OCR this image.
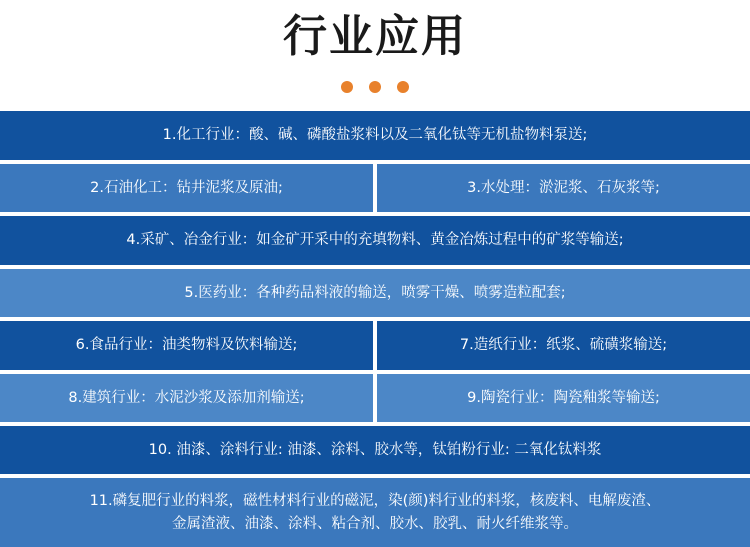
行业应用
1.化工行业：酸、碱、磷酸盐浆料以及二氧化钛等无机盐物料泵送;
2.石油化工：钻井泥浆及原油;	3.水处理：淤泥浆、石灰浆等;
4.采矿、冶金行业：如金矿开采中的充填物料、黄金冶炼过程中的矿浆等输送;
5.医药业：各种药品料液的输送，喷雾干燥、喷雾造粒配套;
6.食品行业：油类物料及饮料输送;	7.造纸行业：纸浆、硫磺浆输送;
8.建筑行业：水泥沙浆及添加剂输送;	9.陶瓷行业：陶瓷釉浆等输送;
10. 油漆、涂料行业: 油漆、涂料、胶水等，钛铂粉行业: 二氧化钛料浆
11.磷复肥行业的料浆，磁性材料行业的磁泥，染(颜)料行业的料浆，核废料、电解废渣、
金属渣液、油漆、涂料、粘合剂、胶水、胶乳、耐火纤维浆等。
